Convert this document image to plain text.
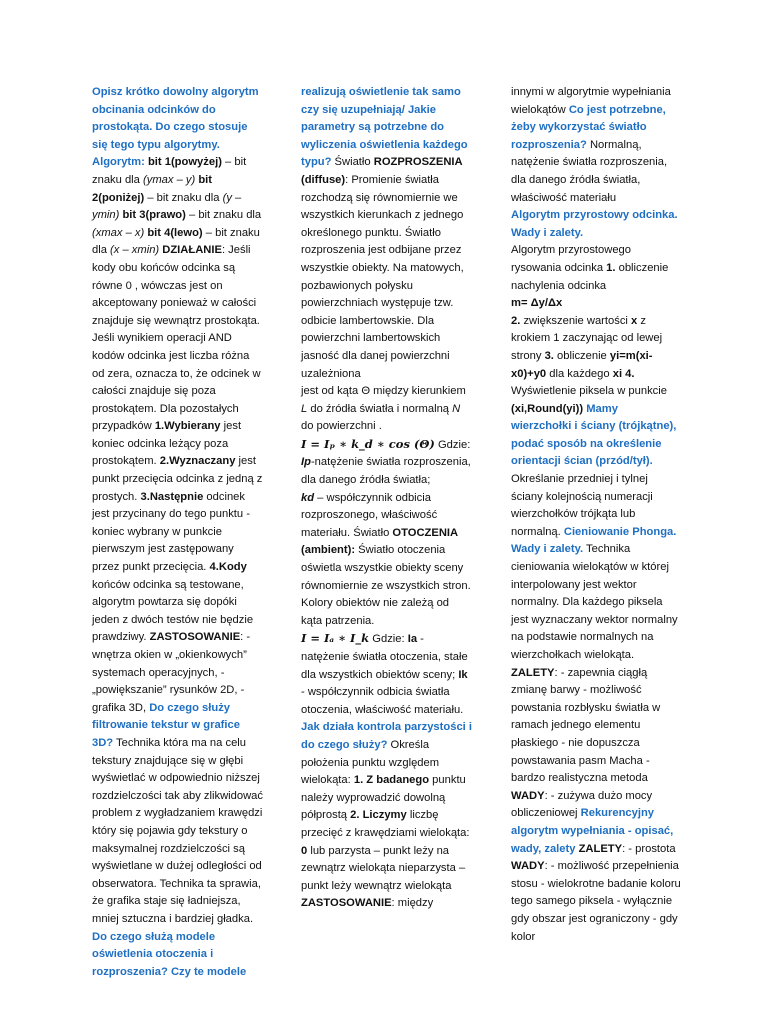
Opisz krótko dowolny algorytm obcinania odcinków do prostokąta. Do czego stosuje się tego typu algorytmy. Algorytm: bit 1(powyżej) – bit znaku dla (ymax – y) bit 2(poniżej) – bit znaku dla (y – ymin) bit 3(prawo) – bit znaku dla (xmax – x) bit 4(lewo) – bit znaku dla (x – xmin) DZIAŁANIE: Jeśli kody obu końców odcinka są równe 0 , wówczas jest on akceptowany ponieważ w całości znajduje się wewnątrz prostokąta. Jeśli wynikiem operacji AND kodów odcinka jest liczba różna od zera, oznacza to, że odcinek w całości znajduje się poza prostokątem. Dla pozostałych przypadków 1.Wybierany jest koniec odcinka leżący poza prostokątem. 2.Wyznaczany jest punkt przecięcia odcinka z jedną z prostych. 3.Następnie odcinek jest przycinany do tego punktu - koniec wybrany w punkcie pierwszym jest zastępowany przez punkt przecięcia. 4.Kody końców odcinka są testowane, algorytm powtarza się dopóki jeden z dwóch testów nie będzie prawdziwy. ZASTOSOWANIE: - wnętrza okien w „okienkowych” systemach operacyjnych, - „powiększanie” rysunków 2D, - grafika 3D, Do czego służy filtrowanie tekstur w grafice 3D? Technika która ma na celu tekstury znajdujące się w głębi wyświetlać w odpowiednio niższej rozdzielczości tak aby zlikwidować problem z wygładzaniem krawędzi który się pojawia gdy tekstury o maksymalnej rozdzielczości są wyświetlane w dużej odległości od obserwatora. Technika ta sprawia, że grafika staje się ładniejsza, mniej sztuczna i bardziej gładka.

Do czego służą modele oświetlenia otoczenia i rozproszenia? Czy te modele

realizują oświetlenie tak samo czy się uzupełniają/ Jakie parametry są potrzebne do wyliczenia oświetlenia każdego typu? Światło ROZPROSZENIA (diffuse): Promienie światła rozchodzą się równomiernie we wszystkich kierunkach z jednego określonego punktu. Światło rozproszenia jest odbijane przez wszystkie obiekty. Na matowych, pozbawionych połysku powierzchniach występuje tzw. odbicie lambertowskie. Dla powierzchni lambertowskich jasność dla danej powierzchni uzależniona

jest od kąta Θ między kierunkiem L do źródła światła i normalną N do powierzchni .

I = Iₚ ∗ k_d ∗ cos (Θ) Gdzie: Ip-natężenie światła rozproszenia, dla danego źródła światła;

kd – współczynnik odbicia rozproszonego, właściwość materiału. Światło OTOCZENIA (ambient): Światło otoczenia oświetla wszystkie obiekty sceny równomiernie ze wszystkich stron. Kolory obiektów nie zależą od kąta patrzenia.

I = Iₐ ∗ I_k Gdzie: Ia - natężenie światła otoczenia, stałe dla wszystkich obiektów sceny; Ik - współczynnik odbicia światła otoczenia, właściwość materiału. Jak działa kontrola parzystości i do czego służy? Określa położenia punktu względem wielokąta: 1. Z badanego punktu należy wyprowadzić dowolną półprostą 2. Liczymy liczbę przecięć z krawędziami wielokąta: 0 lub parzysta – punkt leży na zewnątrz wielokąta nieparzysta – punkt leży wewnątrz wielokąta ZASTOSOWANIE: między

innymi w algorytmie wypełniania wielokątów Co jest potrzebne, żeby wykorzystać światło rozproszenia? Normalną, natężenie światła rozproszenia, dla danego źródła światła, właściwość materiału

Algorytm przyrostowy odcinka. Wady i zalety.

Algorytm przyrostowego rysowania odcinka 1. obliczenie nachylenia odcinka

m= Δy/Δx

2. zwiększenie wartości x z krokiem 1 zaczynając od lewej strony 3. obliczenie yi=m(xi-x0)+y0 dla każdego xi 4. Wyświetlenie piksela w punkcie (xi,Round(yi)) Mamy wierzchołki i ściany (trójkątne), podać sposób na określenie orientacji ścian (przód/tył). Określanie przedniej i tylnej ściany kolejnością numeracji wierzchołków trójkąta lub normalną. Cieniowanie Phonga. Wady i zalety. Technika cieniowania wielokątów w której interpolowany jest wektor normalny. Dla każdego piksela jest wyznaczany wektor normalny na podstawie normalnych na wierzchołkach wielokąta. ZALETY: - zapewnia ciągłą zmianę barwy - możliwość powstania rozbłysku światła w ramach jednego elementu płaskiego - nie dopuszcza powstawania pasm Macha - bardzo realistyczna metoda WADY: - zużywa dużo mocy obliczeniowej Rekurencyjny algorytm wypełniania - opisać, wady, zalety ZALETY: - prostota WADY: - możliwość przepełnienia stosu - wielokrotne badanie koloru tego samego piksela - wyłącznie gdy obszar jest ograniczony - gdy kolor
